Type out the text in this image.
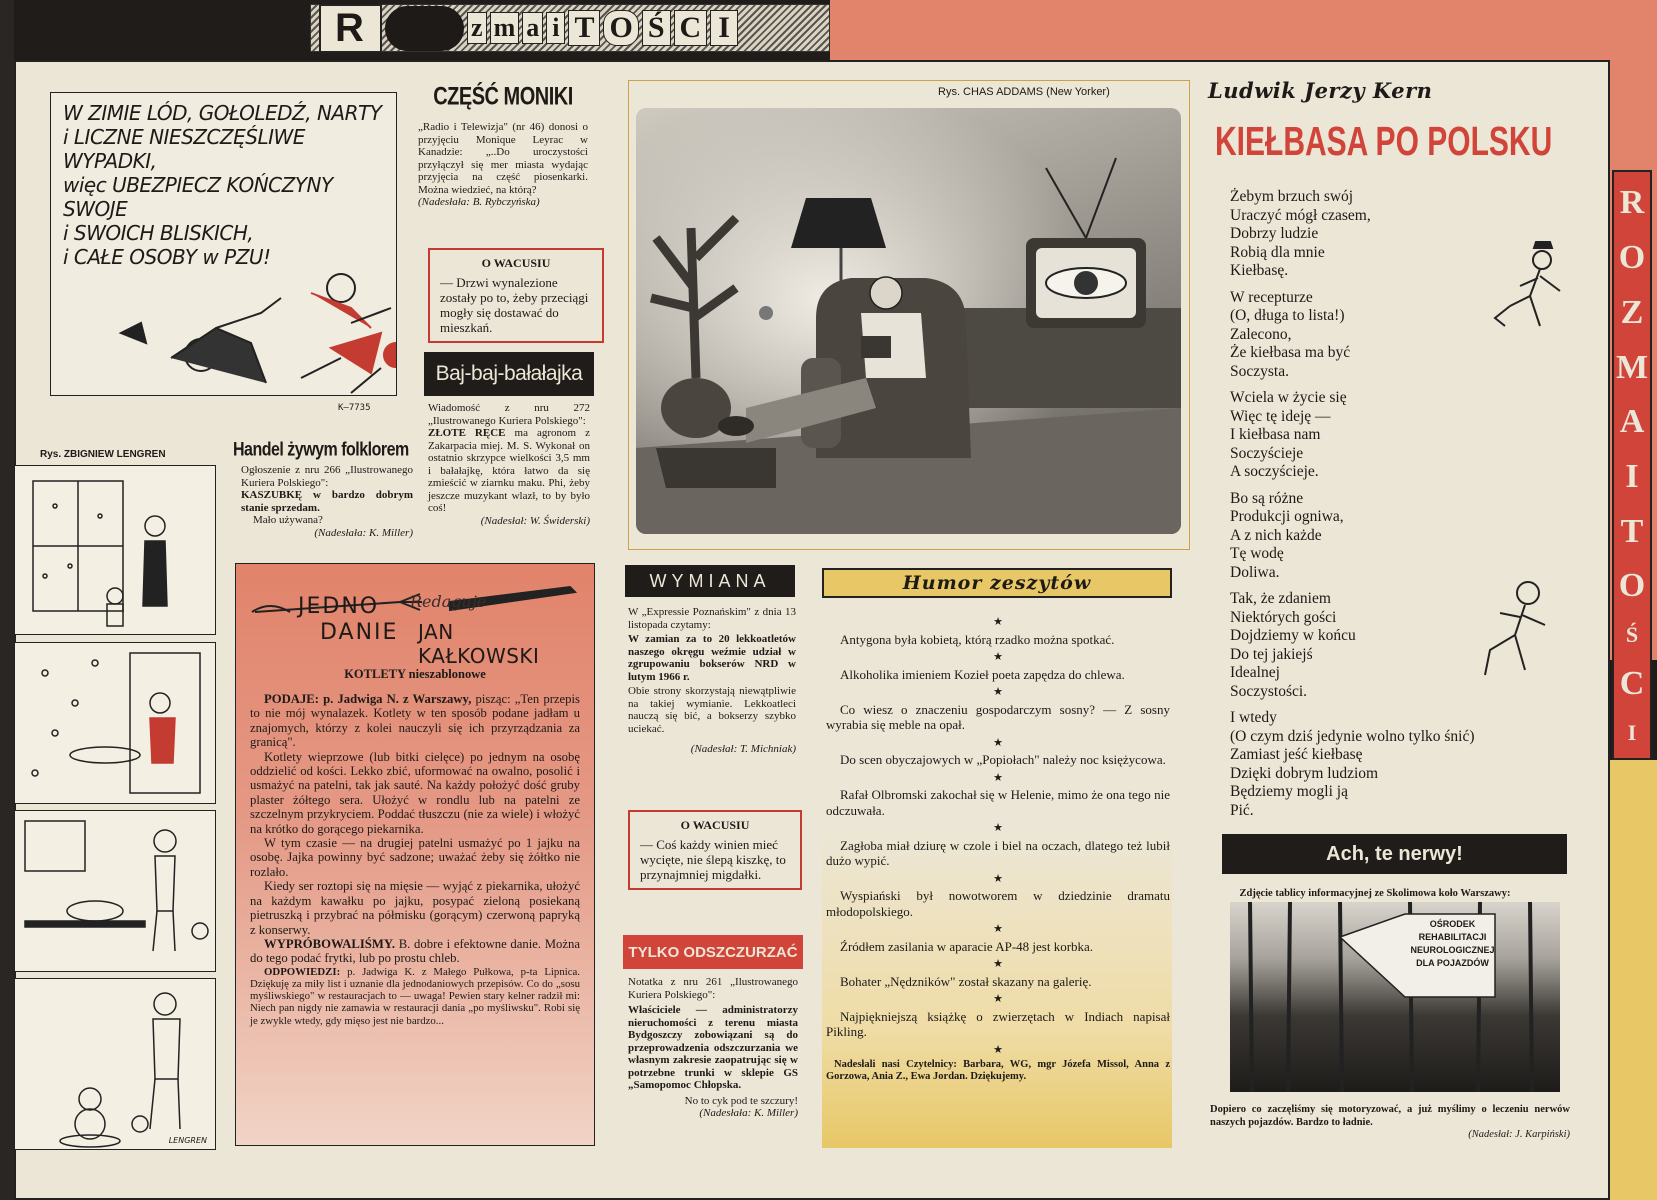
R	O	z m a i T O Ś C I
R
O
Z
M
A
I
T
O
Ś
C
I
W ZIMIE LÓD, GOŁOLEDŹ, NARTY
i LICZNE NIESZCZĘŚLIWE WYPADKI,
więc UBEZPIECZ KOŃCZYNY SWOJE
i SWOICH BLISKICH,
i CAŁE OSOBY w PZU!
K—7735
Rys. ZBIGNIEW LENGREN
LENGREN
CZĘŚĆ MONIKI
„Radio i Telewizja" (nr 46) donosi o przyjęciu Monique Leyrac w Kanadzie: „..Do uroczystości przyłączył się mer miasta wydając przyjęcia na część piosenkarki. Można wiedzieć, na którą?
(Nadesłała: B. Rybczyńska)
O WACUSIU
— Drzwi wynalezione zostały po to, żeby przeciągi mogły się dostawać do mieszkań.
Baj-baj-bałałajka
Wiadomość z nru 272 „Ilustrowanego Kuriera Polskiego":
ZŁOTE RĘCE ma agronom z Zakarpacia miej. M. S. Wykonał on ostatnio skrzypce wielkości 3,5 mm i bałałajkę, która łatwo da się zmieścić w ziarnku maku. Phi, żeby jeszcze muzykant wlazł, to by było coś!
(Nadesłał: W. Świderski)
Handel żywym folklorem
Ogłoszenie z nru 266 „Ilustrowanego Kuriera Polskiego":
KASZUBKĘ w bardzo dobrym stanie sprzedam.
Mało używana?
(Nadesłała: K. Miller)
Rys. CHAS ADDAMS (New Yorker)	Ludwik Jerzy Kern
KIEŁBASA PO POLSKU

Żebym brzuch swój
Uraczyć mógł czasem,
Dobrzy ludzie
Robią dla mnie
Kiełbasę.

W recepturze
(O, długa to lista!)
Zalecono,
Że kiełbasa ma być
Soczysta.

Wciela w życie się
Więc tę ideję —
I kiełbasa nam
Soczyścieje
A soczyścieje.

Bo są różne
Produkcji ogniwa,
A z nich każde
Tę wodę
Doliwa.

Tak, że zdaniem
Niektórych gości
Dojdziemy w końcu
Do tej jakiejś
Idealnej
Soczystości.

I wtedy
(O czym dziś jedynie wolno tylko śnić)
Zamiast jeść kiełbasę
Dzięki dobrym ludziom
Będziemy mogli ją
Pić.

Ach, te nerwy!
Zdjęcie tablicy informacyjnej ze Skolimowa koło Warszawy:
OŚRODEK REHABILITACJI
NEUROLOGICZNEJ
DLA POJAZDÓW
Dopiero co zaczęliśmy się motoryzować, a już myślimy o leczeniu nerwów naszych pojazdów. Bardzo to ładnie.
(Nadesłał: J. Karpiński)
JEDNO Redaguje
DANIE JAN KAŁKOWSKI
KOTLETY nieszablonowe
PODAJE: p. Jadwiga N. z Warszawy, pisząc: „Ten przepis to nie mój wynalazek. Kotlety w ten sposób podane jadłam u znajomych, którzy z kolei nauczyli się ich przyrządzania za granicą".
Kotlety wieprzowe (lub bitki cielęce) po jednym na osobę oddzielić od kości. Lekko zbić, uformować na owalno, posolić i usmażyć na patelni, tak jak sauté. Na każdy położyć dość gruby plaster żółtego sera. Ułożyć w rondlu lub na patelni ze szczelnym przykryciem. Poddać tłuszczu (nie za wiele) i włożyć na krótko do gorącego piekarnika.
W tym czasie — na drugiej patelni usmażyć po 1 jajku na osobę. Jajka powinny być sadzone; uważać żeby się żółtko nie rozlało.
Kiedy ser roztopi się na mięsie — wyjąć z piekarnika, ułożyć na każdym kawałku po jajku, posypać zieloną posiekaną pietruszką i przybrać na półmisku (gorącym) czerwoną papryką z konserwy.
WYPRÓBOWALIŚMY. B. dobre i efektowne danie. Można do tego podać frytki, lub po prostu chleb.
ODPOWIEDZI: p. Jadwiga K. z Małego Pułkowa, p-ta Lipnica. Dziękuję za miły list i uznanie dla jednodaniowych przepisów. Co do „sosu myśliwskiego" w restauracjach to — uwaga! Pewien stary kelner radził mi: Niech pan nigdy nie zamawia w restauracji dania „po myśliwsku". Robi się je zwykle wtedy, gdy mięso jest nie bardzo...
WYMIANA
W „Expressie Poznańskim" z dnia 13 listopada czytamy:
W zamian za to 20 lekkoatletów naszego okręgu weźmie udział w zgrupowaniu bokserów NRD w lutym 1966 r.
Obie strony skorzystają niewątpliwie na takiej wymianie. Lekkoatleci nauczą się bić, a bokserzy szybko uciekać.
(Nadesłał: T. Michniak)
O WACUSIU
— Coś każdy winien mieć wycięte, nie ślepą kiszkę, to przynajmniej migdałki.
TYLKO ODSZCZURZAĆ
Notatka z nru 261 „Ilustrowanego Kuriera Polskiego":
Właściciele — administratorzy nieruchomości z terenu miasta Bydgoszczy zobowiązani są do przeprowadzenia odszczurzania we własnym zakresie zaopatrując się w potrzebne trunki w sklepie GS „Samopomoc Chłopska.
No to cyk pod te szczury!
(Nadesłała: K. Miller)
Humor zeszytów
★
Antygona była kobietą, którą rzadko można spotkać.
★
Alkoholika imieniem Kozieł poeta zapędza do chlewa.
★
Co wiesz o znaczeniu gospodarczym sosny? — Z sosny wyrabia się meble na opał.
★
Do scen obyczajowych w „Popiołach" należy noc księżycowa.
★
Rafał Olbromski zakochał się w Helenie, mimo że ona tego nie odczuwała.
★
Zagłoba miał dziurę w czole i biel na oczach, dlatego też lubił dużo wypić.
★
Wyspiański był nowotworem w dziedzinie dramatu młodopolskiego.
★
Źródłem zasilania w aparacie AP-48 jest korbka.
★
Bohater „Nędzników" został skazany na galerię.
★
Najpiękniejszą książkę o zwierzętach w Indiach napisał Pikling.
★
Nadesłali nasi Czytelnicy: Barbara, WG, mgr Józefa Missol, Anna z Gorzowa, Ania Z., Ewa Jordan. Dziękujemy.
